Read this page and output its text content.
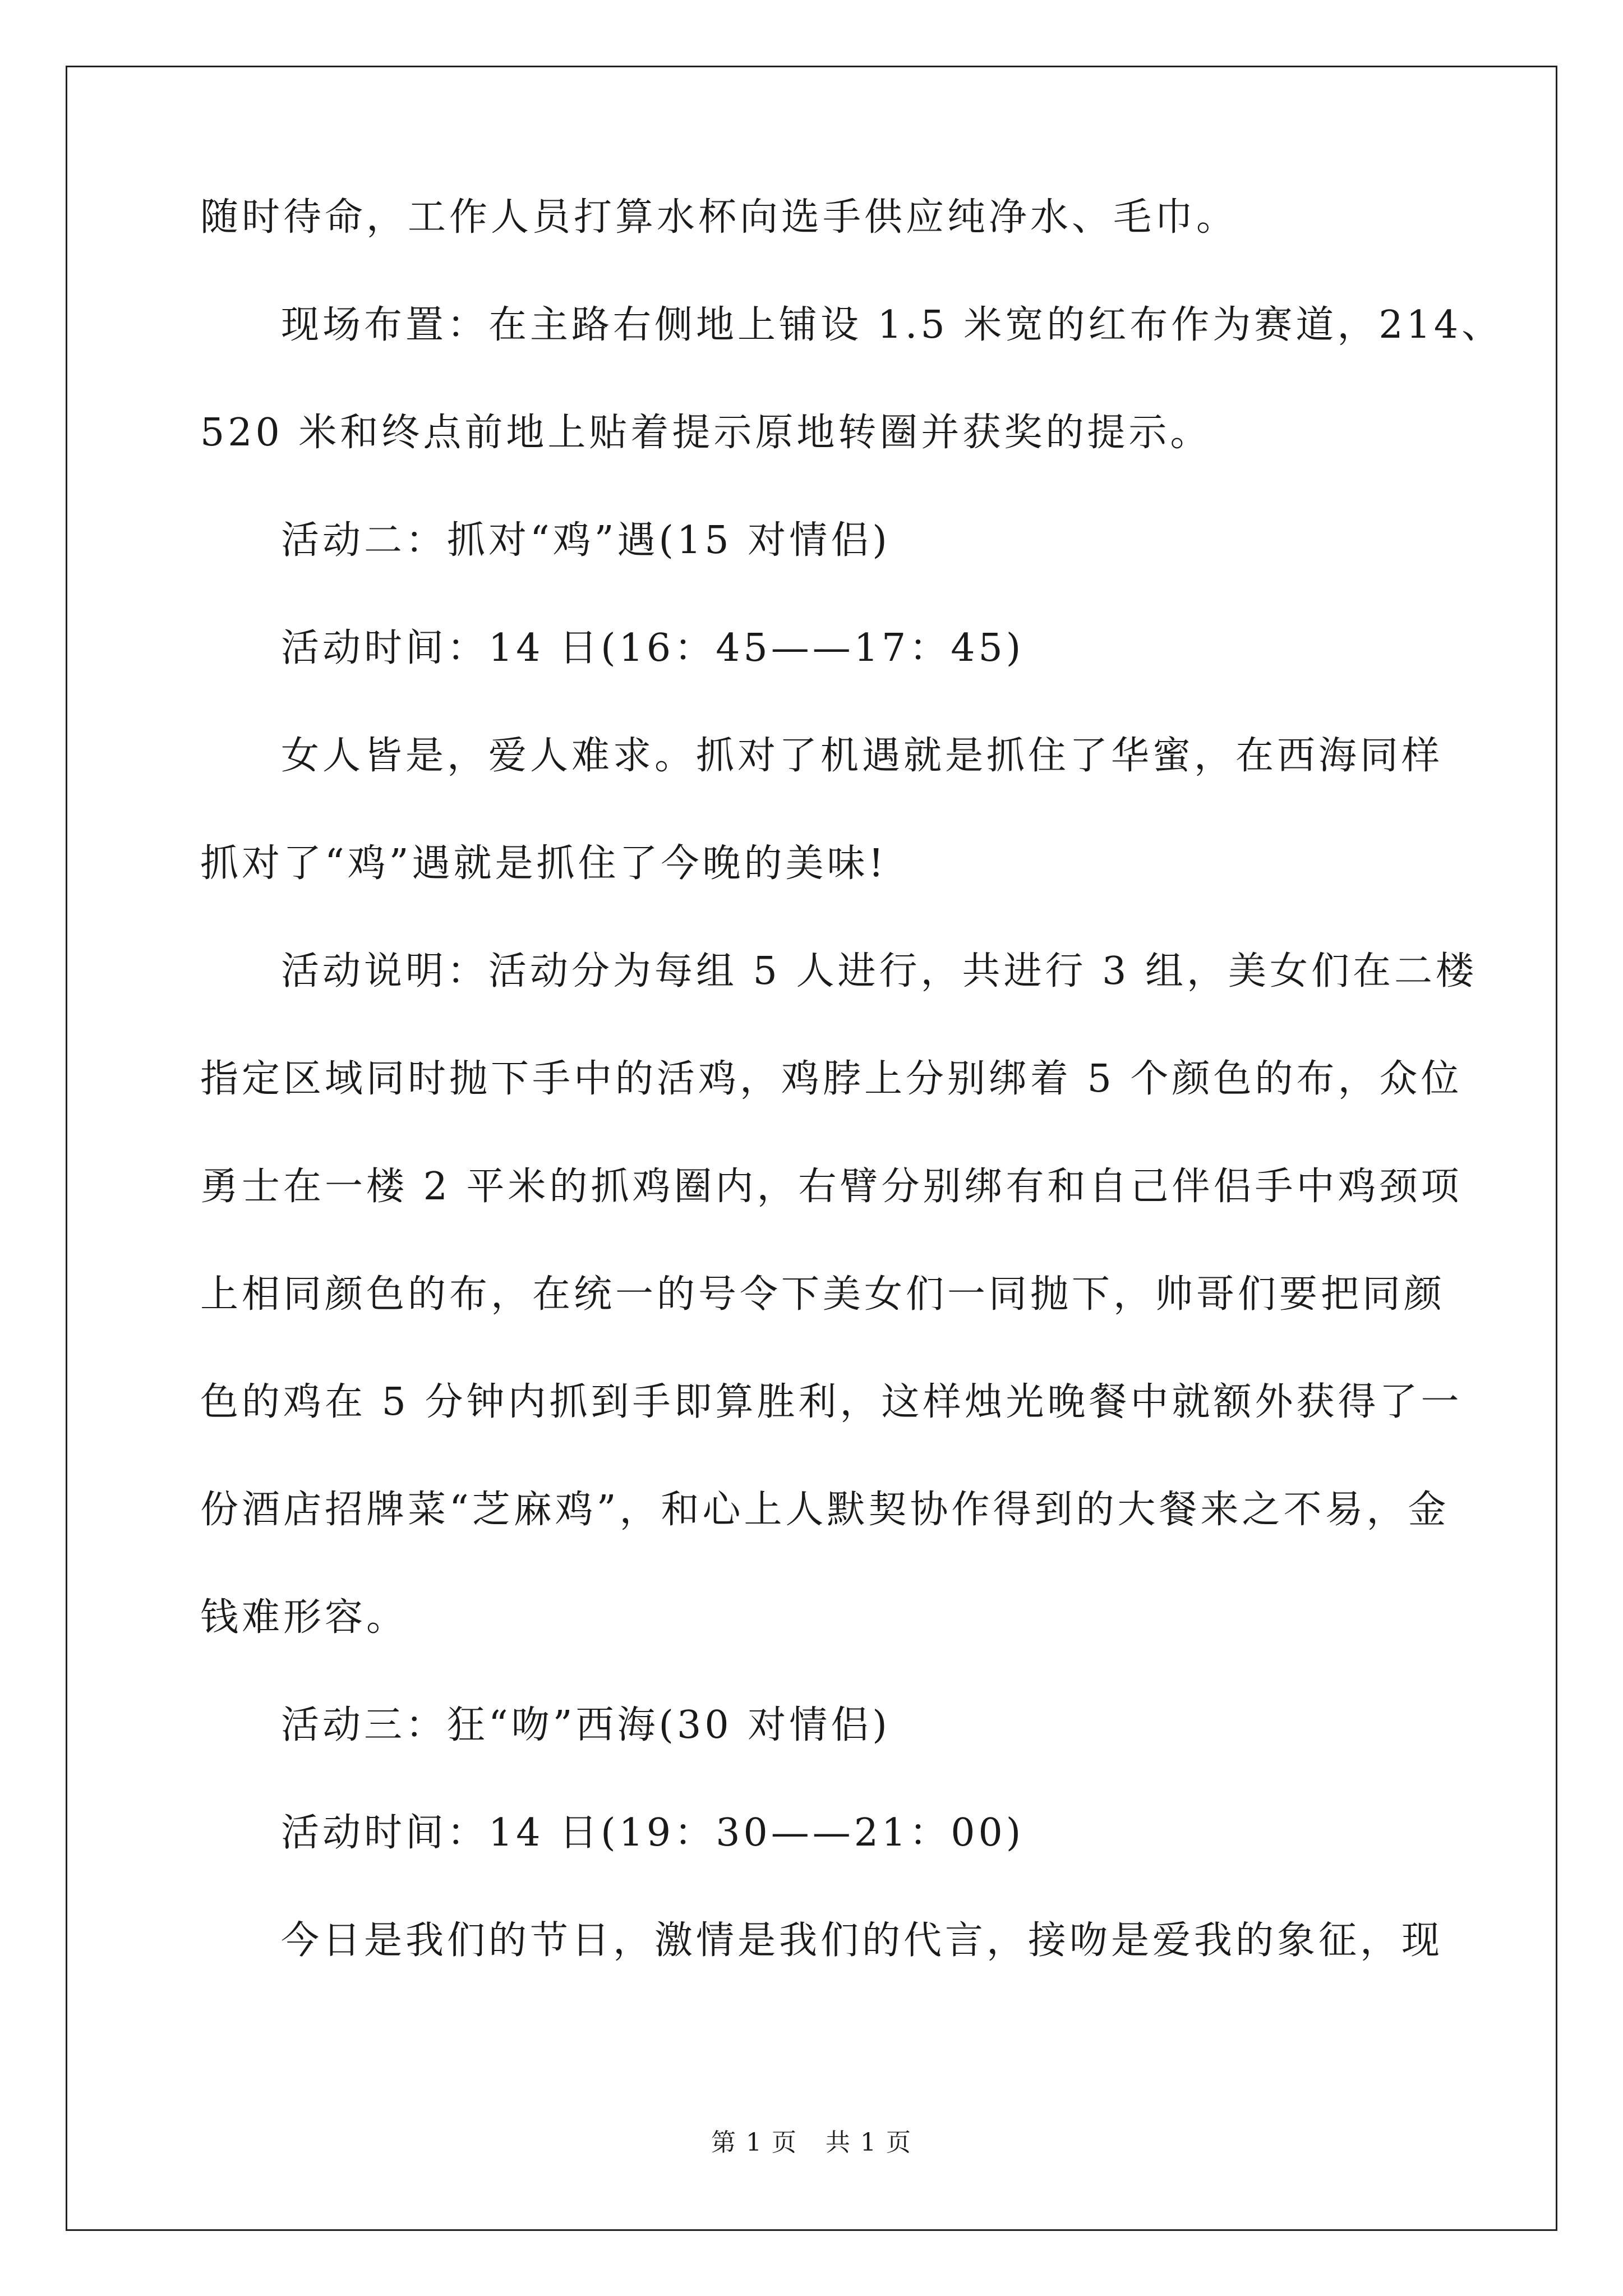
随时待命，工作人员打算水杯向选手供应纯净水、毛巾。
现场布置：在主路右侧地上铺设 1.5 米宽的红布作为赛道，214、
520 米和终点前地上贴着提示原地转圈并获奖的提示。
活动二：抓对“鸡”遇(15 对情侣)
活动时间：14 日(16：45——17：45)
女人皆是，爱人难求。抓对了机遇就是抓住了华蜜，在西海同样
抓对了“鸡”遇就是抓住了今晚的美味!
活动说明：活动分为每组 5 人进行，共进行 3 组，美女们在二楼
指定区域同时抛下手中的活鸡，鸡脖上分别绑着 5 个颜色的布，众位
勇士在一楼 2 平米的抓鸡圈内，右臂分别绑有和自己伴侣手中鸡颈项
上相同颜色的布，在统一的号令下美女们一同抛下，帅哥们要把同颜
色的鸡在 5 分钟内抓到手即算胜利，这样烛光晚餐中就额外获得了一
份酒店招牌菜“芝麻鸡”，和心上人默契协作得到的大餐来之不易，金
钱难形容。
活动三：狂“吻”西海(30 对情侣)
活动时间：14 日(19：30——21：00)
今日是我们的节日，激情是我们的代言，接吻是爱我的象征，现
第 1 页 共 1 页
